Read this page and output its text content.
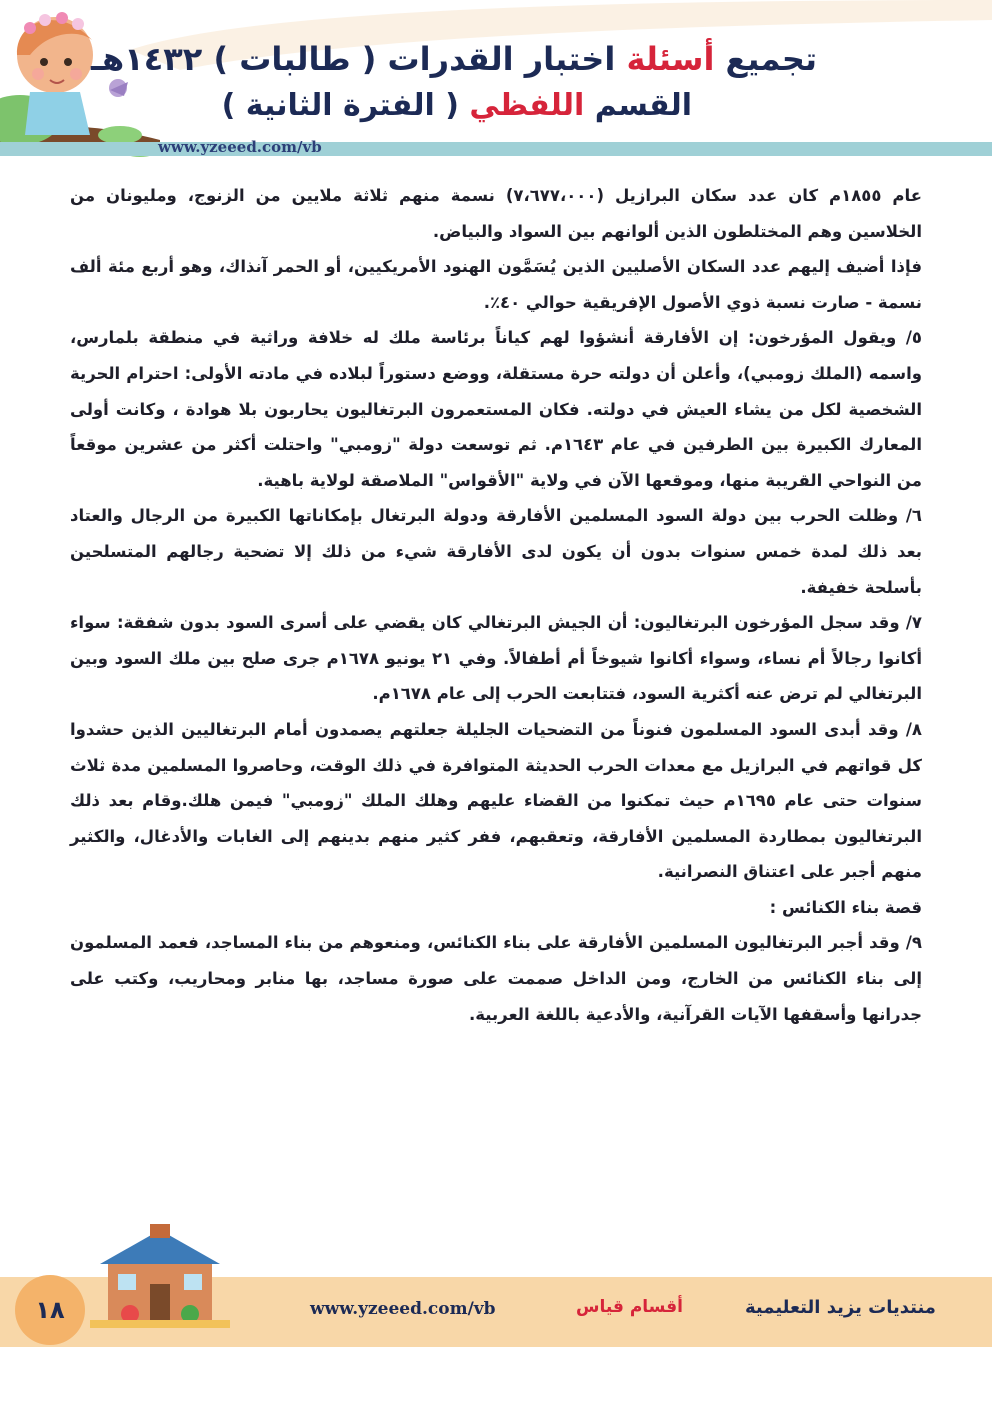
تجميع أسئلة اختبار القدرات ( طالبات ) ١٤٣٢هـ
القسم اللفظي ( الفترة الثانية )
www.yzeeed.com/vb

عام ١٨٥٥م كان عدد سكان البرازيل (٧،٦٧٧،٠٠٠) نسمة منهم ثلاثة ملايين من الزنوج، ومليونان من الخلاسين وهم المختلطون الذين ألوانهم بين السواد والبياض.

فإذا أضيف إليهم عدد السكان الأصليين الذين يُسَمَّون الهنود الأمريكيين، أو الحمر آنذاك، وهو أربع مئة ألف نسمة - صارت نسبة ذوي الأصول الإفريقية حوالي ٤٠٪.

٥/ ويقول المؤرخون: إن الأفارقة أنشؤوا لهم كياناً برئاسة ملك له خلافة وراثية في منطقة بلمارس، واسمه (الملك زومبي)، وأعلن أن دولته حرة مستقلة، ووضع دستوراً لبلاده في مادته الأولى: احترام الحرية الشخصية لكل من يشاء العيش في دولته. فكان المستعمرون البرتغاليون يحاربون بلا هوادة ، وكانت أولى المعارك الكبيرة بين الطرفين في عام ١٦٤٣م. ثم توسعت دولة "زومبي" واحتلت أكثر من عشرين موقعاً من النواحي القريبة منها، وموقعها الآن في ولاية "الأقواس" الملاصقة لولاية باهية.

٦/ وظلت الحرب بين دولة السود المسلمين الأفارقة ودولة البرتغال بإمكاناتها الكبيرة من الرجال والعتاد بعد ذلك لمدة خمس سنوات بدون أن يكون لدى الأفارقة شيء من ذلك إلا تضحية رجالهم المتسلحين بأسلحة خفيفة.

٧/ وقد سجل المؤرخون البرتغاليون: أن الجيش البرتغالي كان يقضي على أسرى السود بدون شفقة: سواء أكانوا رجالاً أم نساء، وسواء أكانوا شيوخاً أم أطفالاً. وفي ٢١ يونيو ١٦٧٨م جرى صلح بين ملك السود وبين البرتغالي لم ترض عنه أكثرية السود، فتتابعت الحرب إلى عام ١٦٧٨م.

٨/ وقد أبدى السود المسلمون فنوناً من التضحيات الجليلة جعلتهم يصمدون أمام البرتغاليين الذين حشدوا كل قواتهم في البرازيل مع معدات الحرب الحديثة المتوافرة في ذلك الوقت، وحاصروا المسلمين مدة ثلاث سنوات حتى عام ١٦٩٥م حيث تمكنوا من القضاء عليهم وهلك الملك "زومبي" فيمن هلك.وقام بعد ذلك البرتغاليون بمطاردة المسلمين الأفارقة، وتعقبهم، ففر كثير منهم بدينهم إلى الغابات والأدغال، والكثير منهم أجبر على اعتناق النصرانية.

قصة بناء الكنائس :

٩/ وقد أجبر البرتغاليون المسلمين الأفارقة على بناء الكنائس، ومنعوهم من بناء المساجد، فعمد المسلمون إلى بناء الكنائس من الخارج، ومن الداخل صممت على صورة مساجد، بها منابر ومحاريب، وكتب على جدرانها وأسقفها الآيات القرآنية، والأدعية باللغة العربية.

١٨	www.yzeeed.com/vb	أقسام قياس	منتديات يزيد التعليمية
